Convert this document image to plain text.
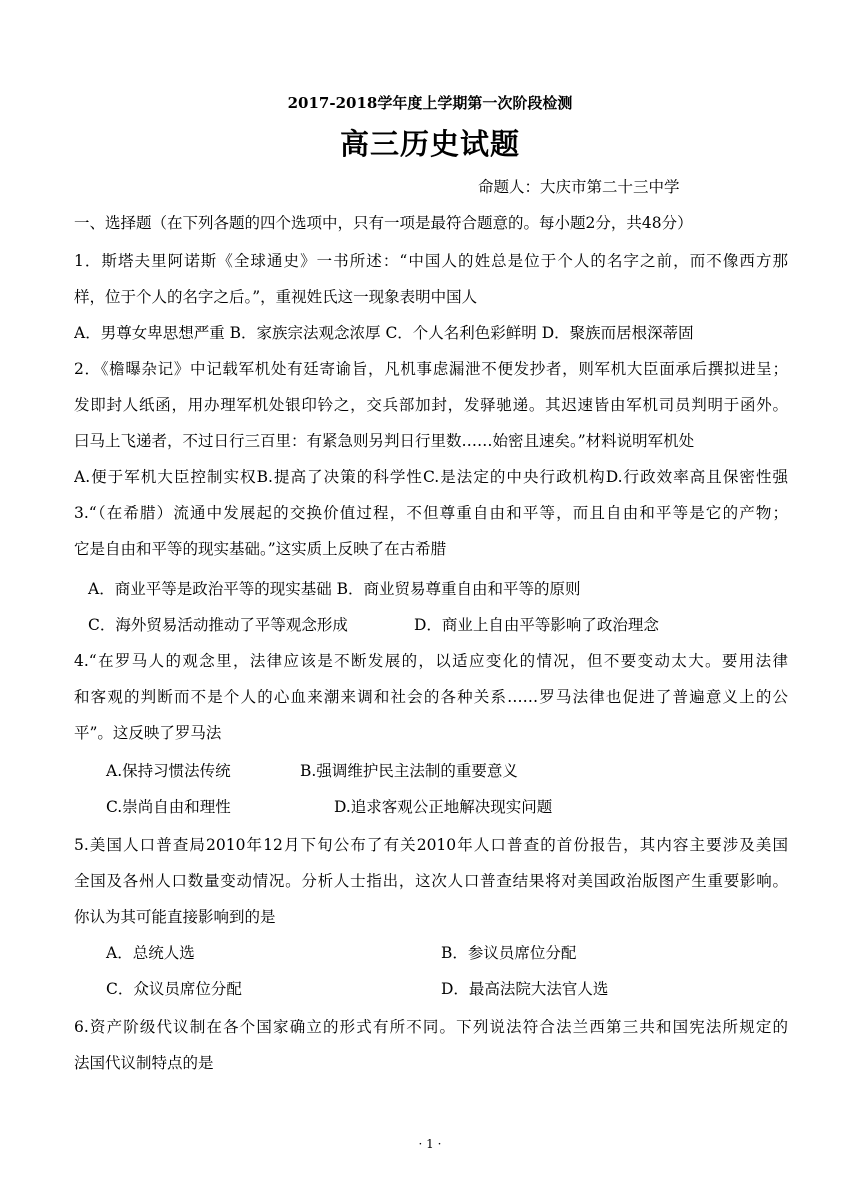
2017-2018学年度上学期第一次阶段检测
高三历史试题
命题人：大庆市第二十三中学
一、选择题（在下列各题的四个选项中，只有一项是最符合题意的。每小题2分，共48分）
1．斯塔夫里阿诺斯《全球通史》一书所述：“中国人的姓总是位于个人的名字之前，而不像西方那
样，位于个人的名字之后。”，重视姓氏这一现象表明中国人
A．男尊女卑思想严重 B．家族宗法观念浓厚 C．个人名利色彩鲜明 D．聚族而居根深蒂固
2．《檐曝杂记》中记载军机处有廷寄谕旨，凡机事虑漏泄不便发抄者，则军机大臣面承后撰拟进呈；
发即封人纸函，用办理军机处银印钤之，交兵部加封，发驿驰递。其迟速皆由军机司员判明于函外。
曰马上飞递者，不过日行三百里：有紧急则另判日行里数……始密且速矣。”材料说明军机处
A.便于军机大臣控制实权B.提高了决策的科学性C.是法定的中央行政机构D.行政效率高且保密性强
3.“（在希腊）流通中发展起的交换价值过程，不但尊重自由和平等，而且自由和平等是它的产物；
它是自由和平等的现实基础。”这实质上反映了在古希腊
A．商业平等是政治平等的现实基础 B．商业贸易尊重自由和平等的原则
C．海外贸易活动推动了平等观念形成	D．商业上自由平等影响了政治理念
4.“在罗马人的观念里，法律应该是不断发展的，以适应变化的情况，但不要变动太大。要用法律
和客观的判断而不是个人的心血来潮来调和社会的各种关系……罗马法律也促进了普遍意义上的公
平”。这反映了罗马法
A.保持习惯法传统	B.强调维护民主法制的重要意义
C.崇尚自由和理性	D.追求客观公正地解决现实问题
5.美国人口普查局2010年12月下旬公布了有关2010年人口普查的首份报告，其内容主要涉及美国
全国及各州人口数量变动情况。分析人士指出，这次人口普查结果将对美国政治版图产生重要影响。
你认为其可能直接影响到的是
A．总统人选	B．参议员席位分配
C．众议员席位分配	D．最高法院大法官人选
6.资产阶级代议制在各个国家确立的形式有所不同。下列说法符合法兰西第三共和国宪法所规定的
法国代议制特点的是
· 1 ·
